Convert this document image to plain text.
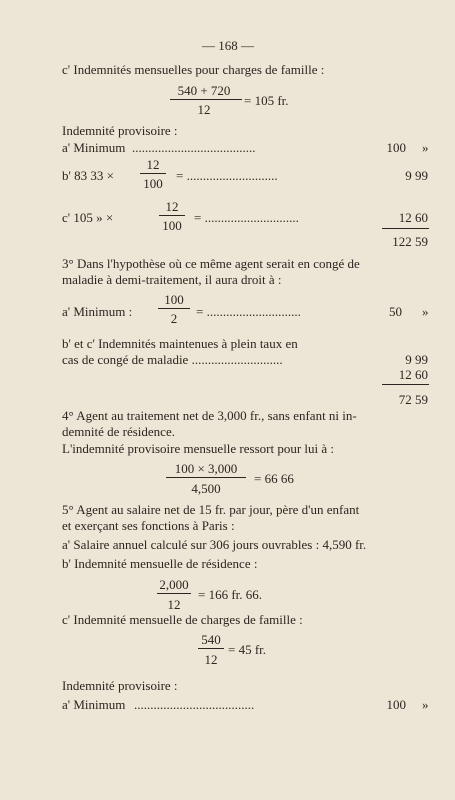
— 168 —
c' Indemnités mensuelles pour charges de famille :
540 + 720
12
= 105 fr.
Indemnité provisoire :
a' Minimum ......................................	100 »
b' 83 33 ×
12
100
= ............................	9 99
c' 105 » ×
12
100
= .............................	12 60
122 59
3° Dans l'hypothèse où ce même agent serait en congé de
maladie à demi-traitement, il aura droit à :
a' Minimum :
100
2 = .............................	50 »
b' et c' Indemnités maintenues à plein taux en
cas de congé de maladie ............................	9 99
12 60
72 59
4° Agent au traitement net de 3,000 fr., sans enfant ni in-
demnité de résidence.
L'indemnité provisoire mensuelle ressort pour lui à :
100 × 3,000
4,500
= 66 66
5° Agent au salaire net de 15 fr. par jour, père d'un enfant
et exerçant ses fonctions à Paris :
a' Salaire annuel calculé sur 306 jours ouvrables : 4,590 fr.
b' Indemnité mensuelle de résidence :
2,000
12
= 166 fr. 66.
c' Indemnité mensuelle de charges de famille :
540
12
= 45 fr.
Indemnité provisoire :
a' Minimum .....................................	100 »
